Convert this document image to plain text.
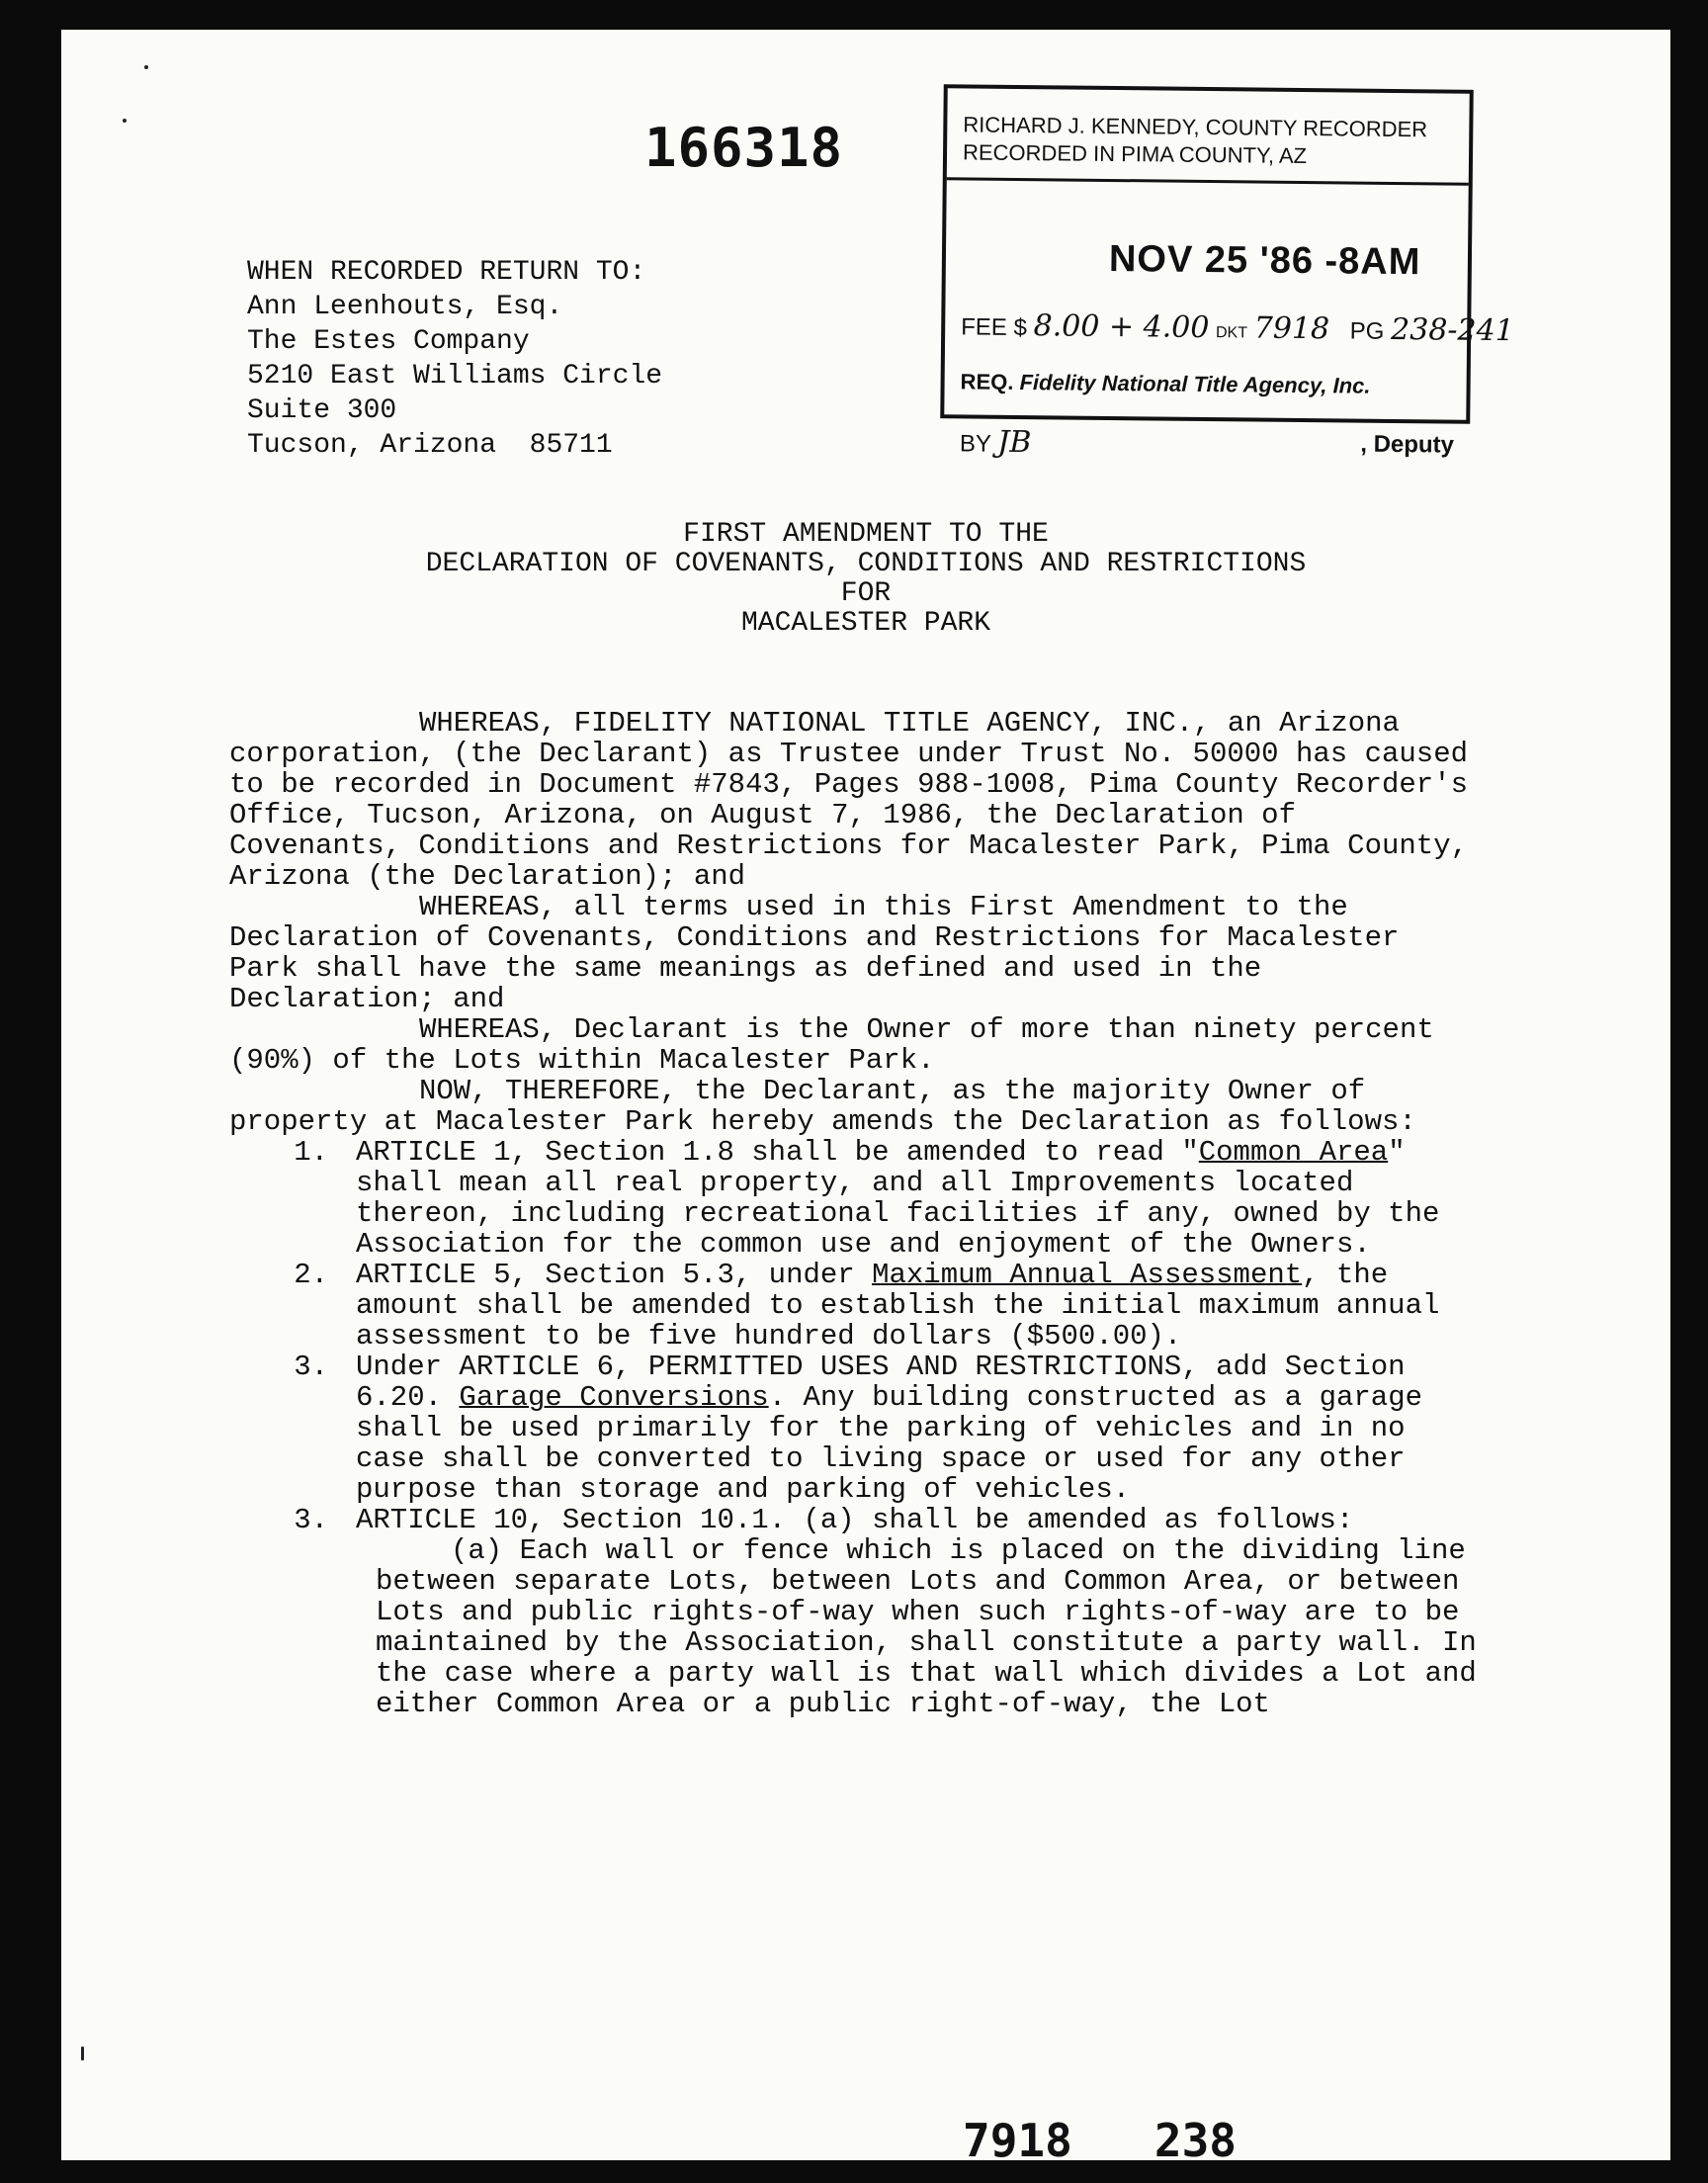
166318	RICHARD J. KENNEDY, COUNTY RECORDER
RECORDED IN PIMA COUNTY, AZ
NOV 25 '86 -8AM
FEE $ 8.00 + 4.00 DKT 7918 PG 238-241
REQ. Fidelity National Title Agency, Inc.
BY JB	, Deputy
WHEN RECORDED RETURN TO:
Ann Leenhouts, Esq.
The Estes Company
5210 East Williams Circle
Suite 300
Tucson, Arizona  85711
FIRST AMENDMENT TO THE
DECLARATION OF COVENANTS, CONDITIONS AND RESTRICTIONS
FOR
MACALESTER PARK

WHEREAS, FIDELITY NATIONAL TITLE AGENCY, INC., an Arizona corporation, (the Declarant) as Trustee under Trust No. 50000 has caused to be recorded in Document #7843, Pages 988-1008, Pima County Recorder's Office, Tucson, Arizona, on August 7, 1986, the Declaration of Covenants, Conditions and Restrictions for Macalester Park, Pima County, Arizona (the Declaration); and

WHEREAS, all terms used in this First Amendment to the Declaration of Covenants, Conditions and Restrictions for Macalester Park shall have the same meanings as defined and used in the Declaration; and

WHEREAS, Declarant is the Owner of more than ninety percent (90%) of the Lots within Macalester Park.

NOW, THEREFORE, the Declarant, as the majority Owner of property at Macalester Park hereby amends the Declaration as follows:

1. ARTICLE 1, Section 1.8 shall be amended to read "Common Area" shall mean all real property, and all Improvements located thereon, including recreational facilities if any, owned by the Association for the common use and enjoyment of the Owners.
2. ARTICLE 5, Section 5.3, under Maximum Annual Assessment, the amount shall be amended to establish the initial maximum annual assessment to be five hundred dollars ($500.00).
3. Under ARTICLE 6, PERMITTED USES AND RESTRICTIONS, add Section 6.20. Garage Conversions. Any building constructed as a garage shall be used primarily for the parking of vehicles and in no case shall be converted to living space or used for any other purpose than storage and parking of vehicles.
3. ARTICLE 10, Section 10.1. (a) shall be amended as follows:

(a) Each wall or fence which is placed on the dividing line between separate Lots, between Lots and Common Area, or between Lots and public rights-of-way when such rights-of-way are to be maintained by the Association, shall constitute a party wall. In the case where a party wall is that wall which divides a Lot and either Common Area or a public right-of-way, the Lot

7918 238
